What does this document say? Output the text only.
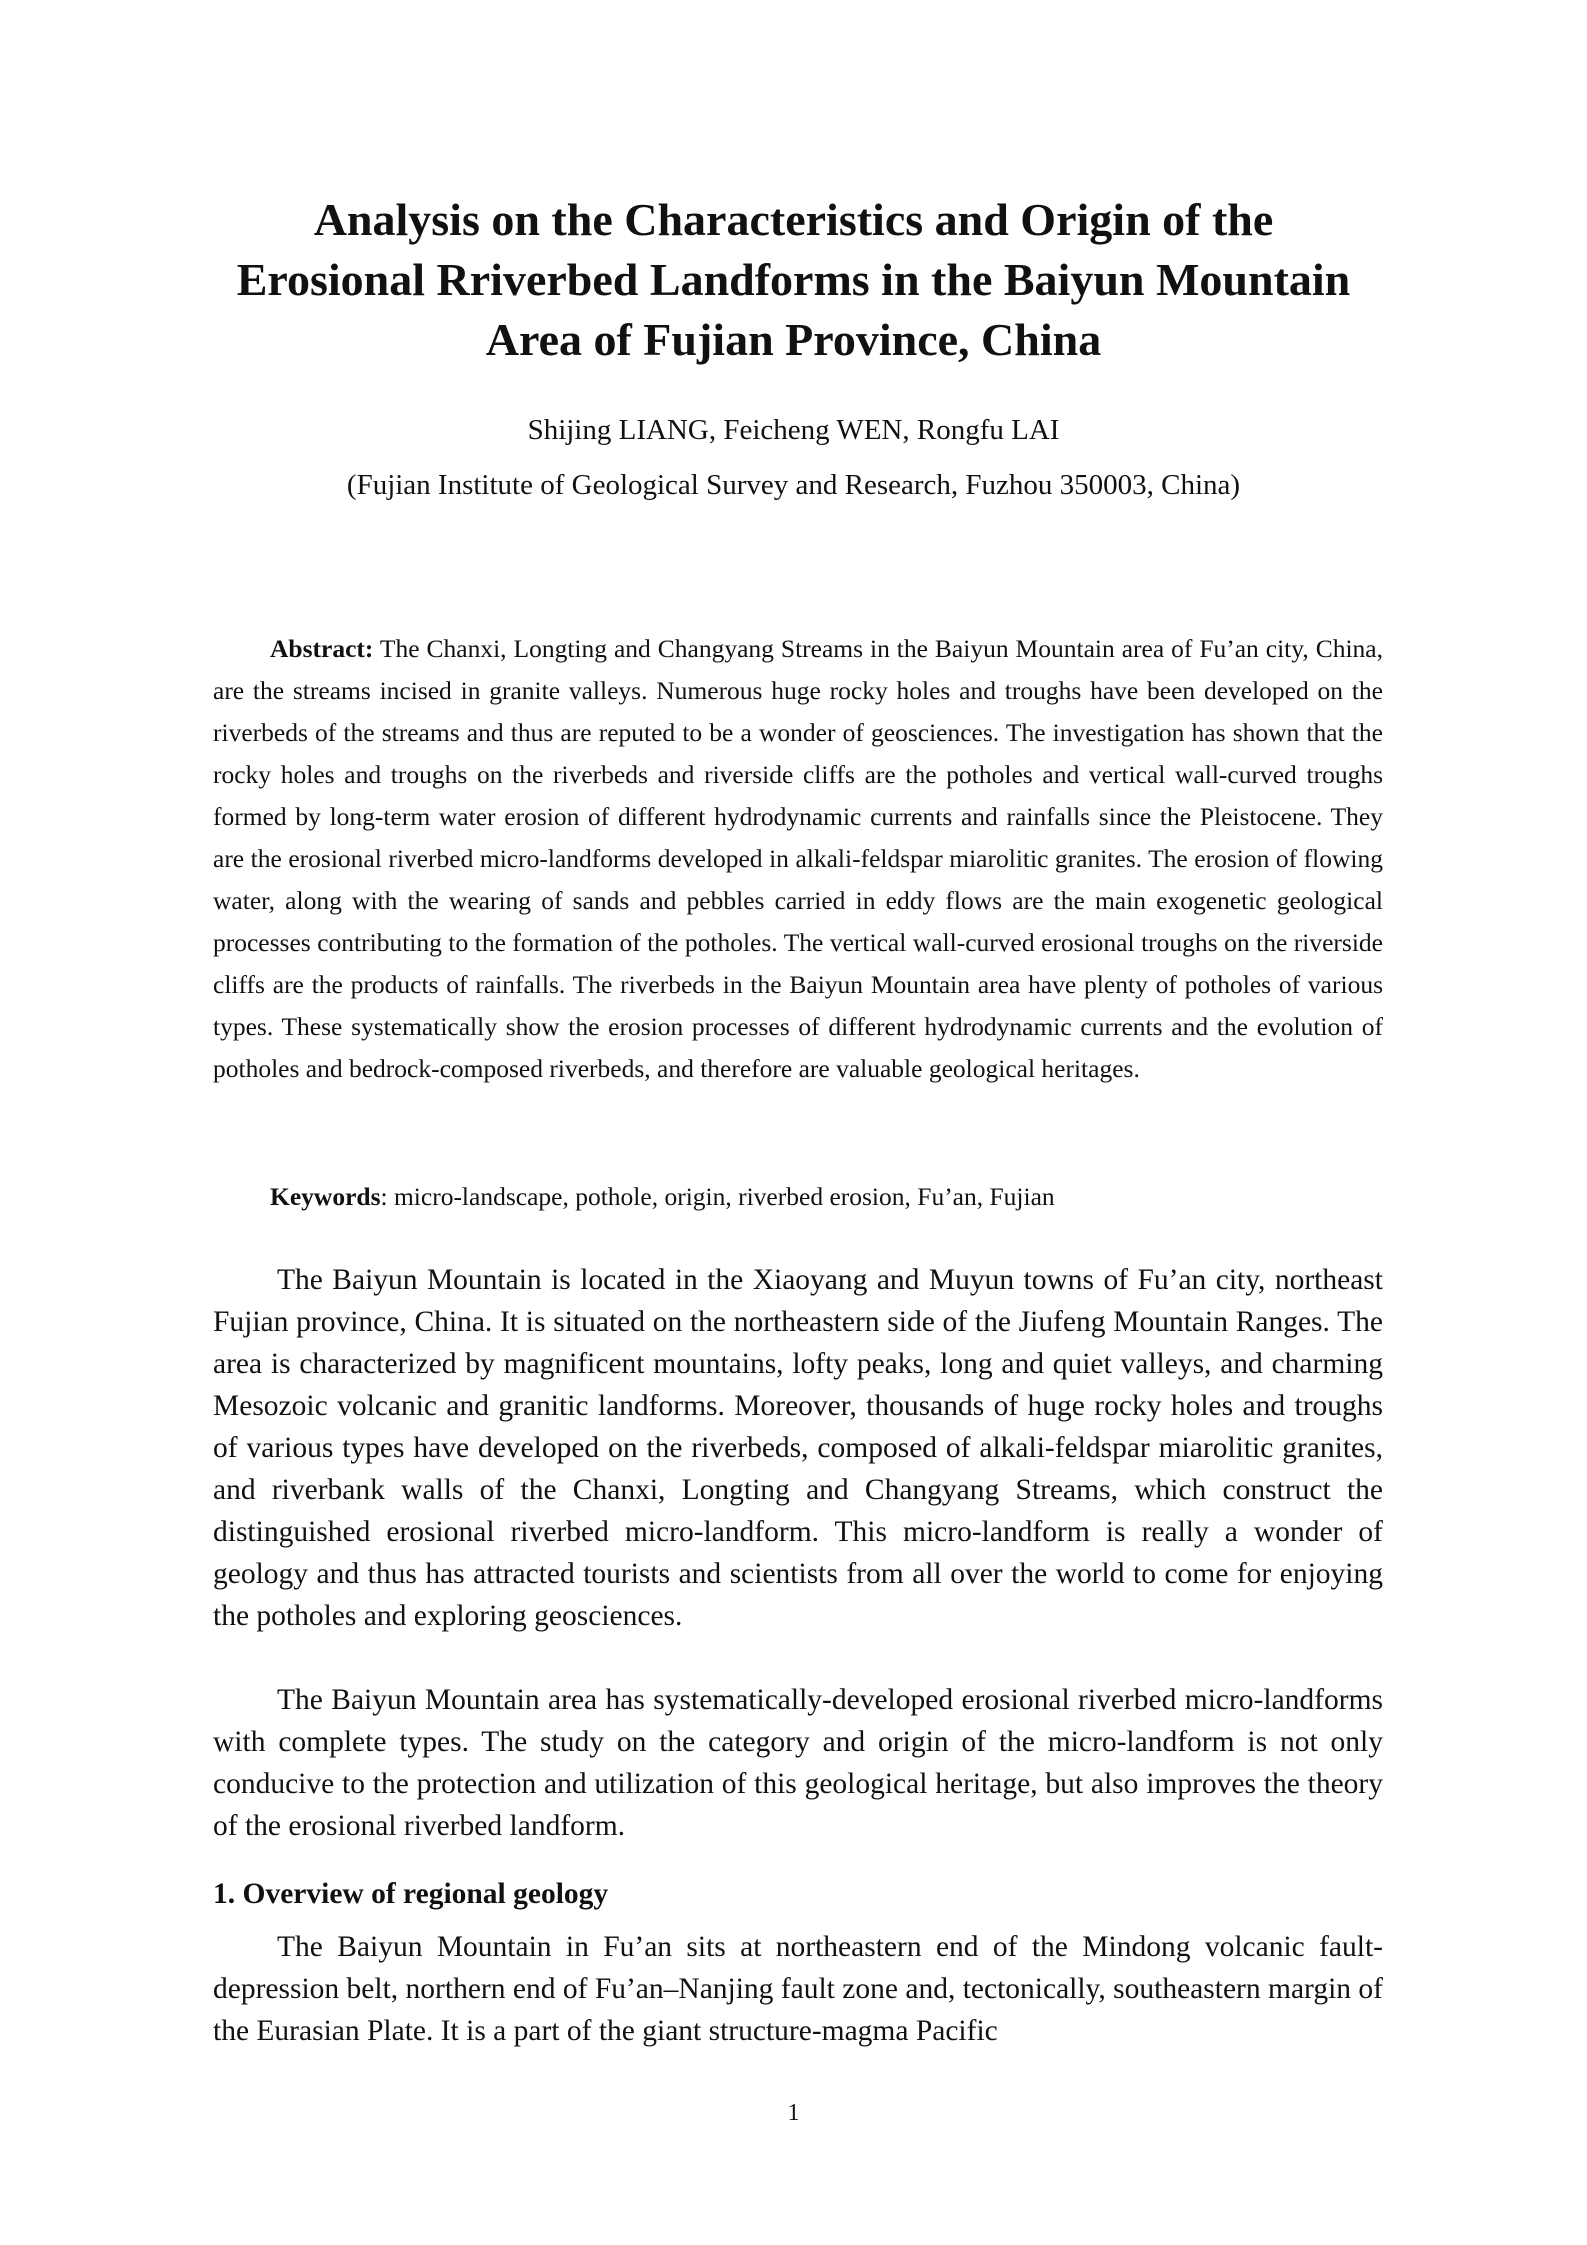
Analysis on the Characteristics and Origin of the
Erosional Rriverbed Landforms in the Baiyun Mountain
Area of Fujian Province, China
Shijing LIANG, Feicheng WEN, Rongfu LAI
(Fujian Institute of Geological Survey and Research, Fuzhou 350003, China)

Abstract: The Chanxi, Longting and Changyang Streams in the Baiyun Mountain area of Fu’an city, China, are the streams incised in granite valleys. Numerous huge rocky holes and troughs have been developed on the riverbeds of the streams and thus are reputed to be a wonder of geosciences. The investigation has shown that the rocky holes and troughs on the riverbeds and riverside cliffs are the potholes and vertical wall-curved troughs formed by long-term water erosion of different hydrodynamic currents and rainfalls since the Pleistocene. They are the erosional riverbed micro-landforms developed in alkali-feldspar miarolitic granites. The erosion of flowing water, along with the wearing of sands and pebbles carried in eddy flows are the main exogenetic geological processes contributing to the formation of the potholes. The vertical wall-curved erosional troughs on the riverside cliffs are the products of rainfalls. The riverbeds in the Baiyun Mountain area have plenty of potholes of various types. These systematically show the erosion processes of different hydrodynamic currents and the evolution of potholes and bedrock-composed riverbeds, and therefore are valuable geological heritages.

Keywords: micro-landscape, pothole, origin, riverbed erosion, Fu’an, Fujian

The Baiyun Mountain is located in the Xiaoyang and Muyun towns of Fu’an city, northeast Fujian province, China. It is situated on the northeastern side of the Jiufeng Mountain Ranges. The area is characterized by magnificent mountains, lofty peaks, long and quiet valleys, and charming Mesozoic volcanic and granitic landforms. Moreover, thousands of huge rocky holes and troughs of various types have developed on the riverbeds, composed of alkali-feldspar miarolitic granites, and riverbank walls of the Chanxi, Longting and Changyang Streams, which construct the distinguished erosional riverbed micro-landform. This micro-landform is really a wonder of geology and thus has attracted tourists and scientists from all over the world to come for enjoying the potholes and exploring geosciences.

The Baiyun Mountain area has systematically-developed erosional riverbed micro-landforms with complete types. The study on the category and origin of the micro-landform is not only conducive to the protection and utilization of this geological heritage, but also improves the theory of the erosional riverbed landform.

1. Overview of regional geology

The Baiyun Mountain in Fu’an sits at northeastern end of the Mindong volcanic fault-depression belt, northern end of Fu’an–Nanjing fault zone and, tectonically, southeastern margin of the Eurasian Plate. It is a part of the giant structure-magma Pacific

1
